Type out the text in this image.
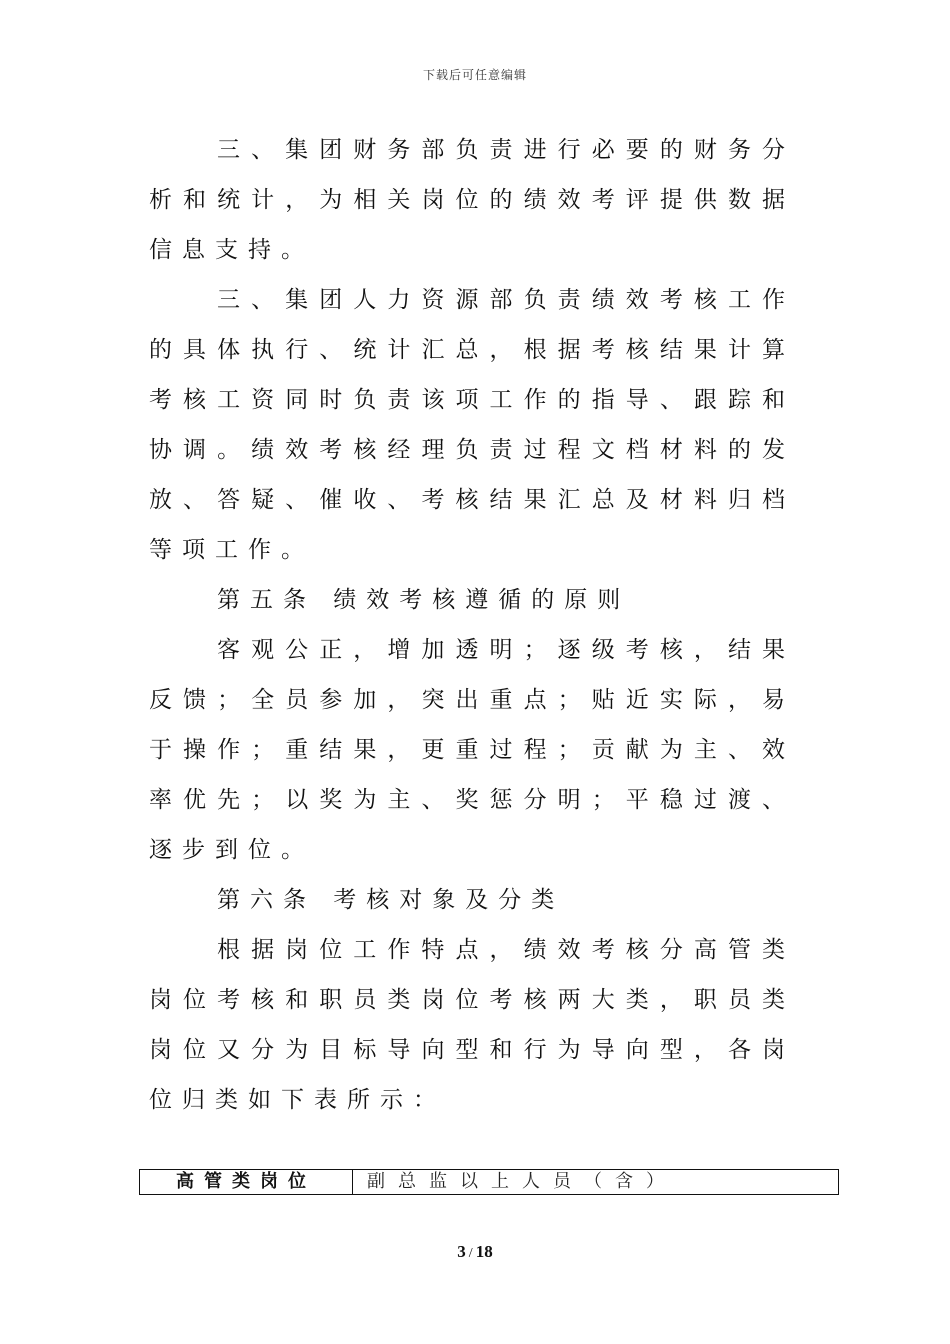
下载后可任意编辑

三、集团财务部负责进行必要的财务分析和统计，为相关岗位的绩效考评提供数据信息支持。

三、集团人力资源部负责绩效考核工作的具体执行、统计汇总，根据考核结果计算考核工资同时负责该项工作的指导、跟踪和协调。绩效考核经理负责过程文档材料的发放、答疑、催收、考核结果汇总及材料归档等项工作。

第五条 绩效考核遵循的原则

客观公正，增加透明；逐级考核，结果反馈；全员参加，突出重点；贴近实际，易于操作；重结果，更重过程；贡献为主、效率优先；以奖为主、奖惩分明；平稳过渡、逐步到位。

第六条 考核对象及分类

根据岗位工作特点，绩效考核分高管类岗位考核和职员类岗位考核两大类，职员类岗位又分为目标导向型和行为导向型，各岗位归类如下表所示：

高管类岗位	副总监以上人员（含）
3 / 18
